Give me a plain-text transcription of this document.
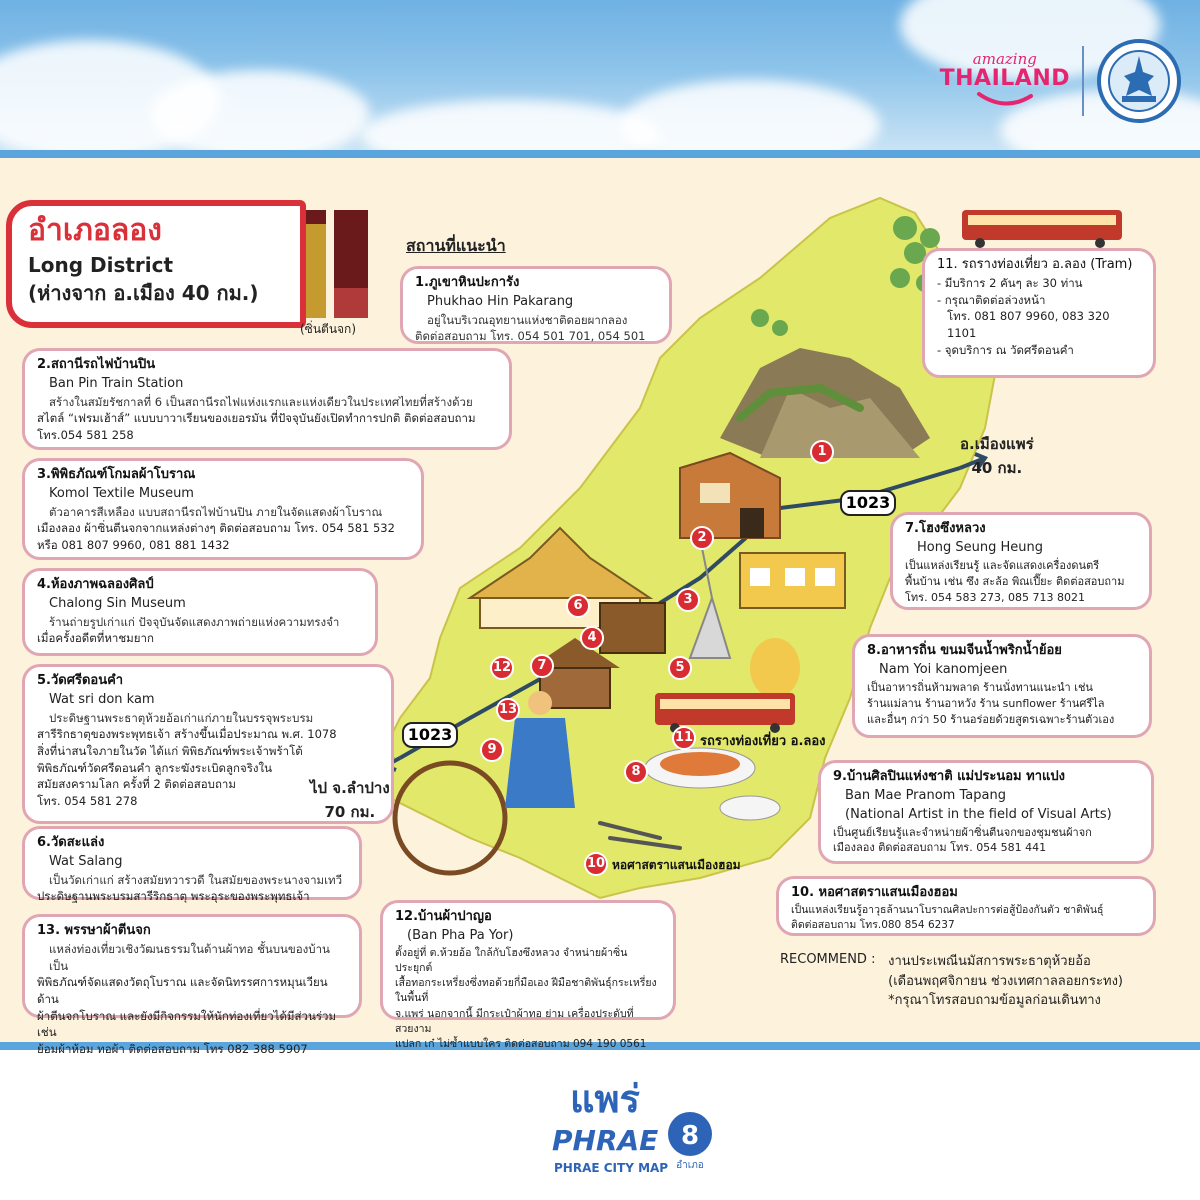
amazing
THAILAND
อำเภอลอง
Long District
(ห่างจาก อ.เมือง 40 กม.)
(ซิ่นตีนจก)
สถานที่แนะนำ
1.ภูเขาหินปะการัง
Phukhao Hin Pakarang
อยู่ในบริเวณอุทยานแห่งชาติดอยผากลอง
ติดต่อสอบถาม โทร. 054 501 701, 054 501
2.สถานีรถไฟบ้านปิน
Ban Pin Train Station
สร้างในสมัยรัชกาลที่ 6 เป็นสถานีรถไฟแห่งแรกและแห่งเดียวในประเทศไทยที่สร้างด้วย
สไตล์ “เฟรมเฮ้าส์” แบบบาวาเรียนของเยอรมัน ที่ปัจจุบันยังเปิดทำการปกติ ติดต่อสอบถาม
โทร.054 581 258
3.พิพิธภัณฑ์โกมลผ้าโบราณ
Komol Textile Museum
ตัวอาคารสีเหลือง แบบสถานีรถไฟบ้านปิน ภายในจัดแสดงผ้าโบราณ
เมืองลอง ผ้าซิ่นตีนจกจากแหล่งต่างๆ ติดต่อสอบถาม โทร. 054 581 532
หรือ 081 807 9960, 081 881 1432
4.ห้องภาพฉลองศิลป์
Chalong Sin Museum
ร้านถ่ายรูปเก่าแก่ ปัจจุบันจัดแสดงภาพถ่ายแห่งความทรงจำ
เมื่อครั้งอดีตที่หาชมยาก
5.วัดศรีดอนคำ
Wat sri don kam
ประดิษฐานพระธาตุห้วยอ้อเก่าแก่ภายในบรรจุพระบรม
สารีริกธาตุของพระพุทธเจ้า สร้างขึ้นเมื่อประมาณ พ.ศ. 1078
สิ่งที่น่าสนใจภายในวัด ได้แก่ พิพิธภัณฑ์พระเจ้าพร้าโต้
พิพิธภัณฑ์วัดศรีดอนคำ ลูกระฆังระเบิดลูกจริงใน
สมัยสงครามโลก ครั้งที่ 2 ติดต่อสอบถาม
โทร. 054 581 278
6.วัดสะแล่ง
Wat Salang
เป็นวัดเก่าแก่ สร้างสมัยทวารวดี ในสมัยของพระนางจามเทวี
ประดิษฐานพระบรมสารีริกธาตุ พระอุระของพระพุทธเจ้า
13. พรรษาผ้าตีนจก
แหล่งท่องเที่ยวเชิงวัฒนธรรมในด้านผ้าทอ ชั้นบนของบ้านเป็น
พิพิธภัณฑ์จัดแสดงวัตถุโบราณ และจัดนิทรรศการหมุนเวียนด้าน
ผ้าตีนจกโบราณ และยังมีกิจกรรมให้นักท่องเที่ยวได้มีส่วนร่วม เช่น
ย้อมผ้าห้อม ทอผ้า ติดต่อสอบถาม โทร 082 388 5907
12.บ้านผ้าปาญอ
(Ban Pha Pa Yor)
ตั้งอยู่ที่ ต.ห้วยอ้อ ใกล้กับโฮงซึงหลวง จำหน่ายผ้าซิ่นประยุกต์
เสื้อทอกระเหรี่ยงซึ่งทอด้วยกี่มือเอง ฝีมือชาติพันธุ์กระเหรี่ยงในพื้นที่
จ.แพร่ นอกจากนี้ มีกระเป๋าผ้าทอ ย่าม เครื่องประดับที่สวยงาม
แปลก เก๋ ไม่ซ้ำแบบใคร ติดต่อสอบถาม 094 190 0561
11. รถรางท่องเที่ยว อ.ลอง (Tram)
- มีบริการ 2 คันๆ ละ 30 ท่าน
- กรุณาติดต่อล่วงหน้า
โทร. 081 807 9960, 083 320 1101
- จุดบริการ ณ วัดศรีดอนคำ
7.โฮงซึงหลวง
Hong Seung Heung
เป็นแหล่งเรียนรู้ และจัดแสดงเครื่องดนตรี
พื้นบ้าน เช่น ซึง สะล้อ พิณเปี๊ยะ ติดต่อสอบถาม
โทร. 054 583 273, 085 713 8021
8.อาหารถิ่น ขนมจีนน้ำพริกน้ำย้อย
Nam Yoi kanomjeen
เป็นอาหารถิ่นห้ามพลาด ร้านนั่งทานแนะนำ เช่น
ร้านแม่ลาน ร้านอาหวัง ร้าน sunflower ร้านศรีไล
และอื่นๆ กว่า 50 ร้านอร่อยด้วยสูตรเฉพาะร้านตัวเอง
9.บ้านศิลปินแห่งชาติ แม่ประนอม ทาแปง
Ban Mae Pranom Tapang
(National Artist in the field of Visual Arts)
เป็นศูนย์เรียนรู้และจำหน่ายผ้าซิ่นตีนจกของชุมชนผ้าจก
เมืองลอง ติดต่อสอบถาม โทร. 054 581 441
10. หอศาสตราแสนเมืองฮอม
เป็นแหล่งเรียนรู้อาวุธล้านนาโบราณศิลปะการต่อสู้ป้องกันตัว ชาติพันธุ์
ติดต่อสอบถาม โทร.080 854 6237
RECOMMEND : งานประเพณีนมัสการพระธาตุห้วยอ้อ
(เดือนพฤศจิกายน ช่วงเทศกาลลอยกระทง)
*กรุณาโทรสอบถามข้อมูลก่อนเดินทาง
1
2
3
4
5
6
7
8
9
10
11
12
13
1023
1023
อ.เมืองแพร่
40 กม.
ไป จ.ลำปาง
70 กม.
รถรางท่องเที่ยว อ.ลอง
หอศาสตราแสนเมืองฮอม
แพร่
PHRAE 8
อำเภอ
PHRAE CITY MAP
